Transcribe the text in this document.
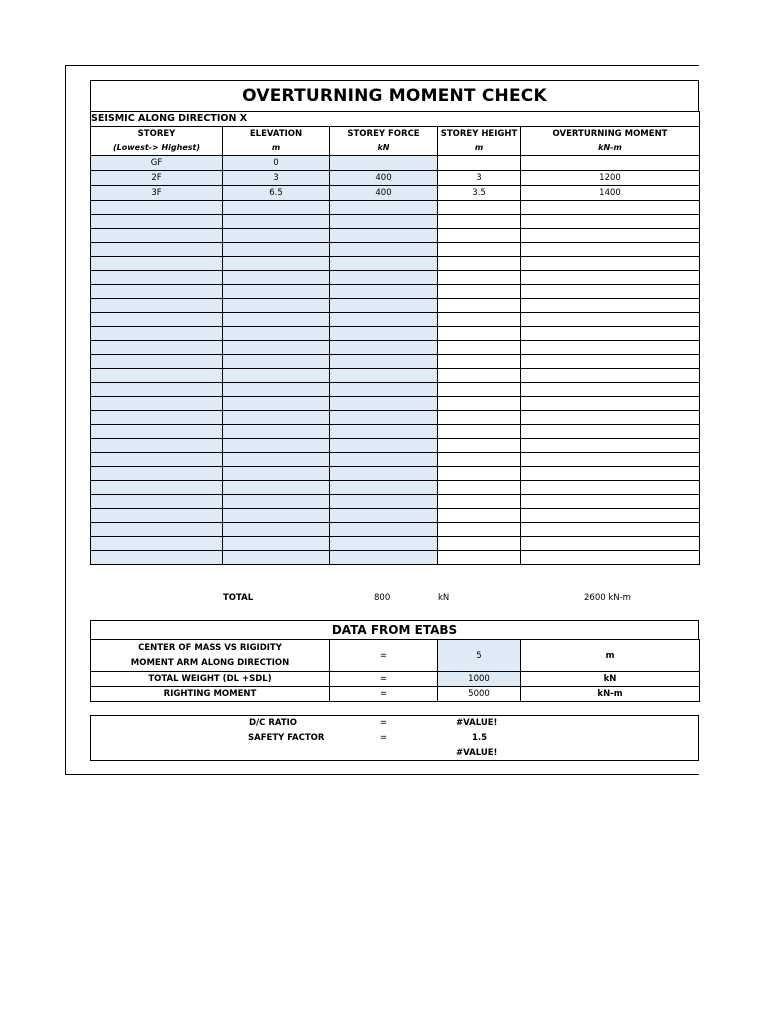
OVERTURNING MOMENT CHECK
SEISMIC ALONG DIRECTION X				
STOREY	ELEVATION	STOREY FORCE	STOREY HEIGHT	OVERTURNING MOMENT
(Lowest-> Highest)	m	kN	m	kN-m
GF	0			
2F	3	400	3	1200
3F	6.5	400	3.5	1400

TOTAL	800	kN	2600 kN-m
DATA FROM ETABS
CENTER OF MASS VS RIGIDITY
MOMENT ARM ALONG DIRECTION	=	5	m
TOTAL WEIGHT (DL +SDL)	=	1000	kN
RIGHTING MOMENT	=	5000	kN-m
D/C RATIO	=	#VALUE!
SAFETY FACTOR	=	1.5
#VALUE!
